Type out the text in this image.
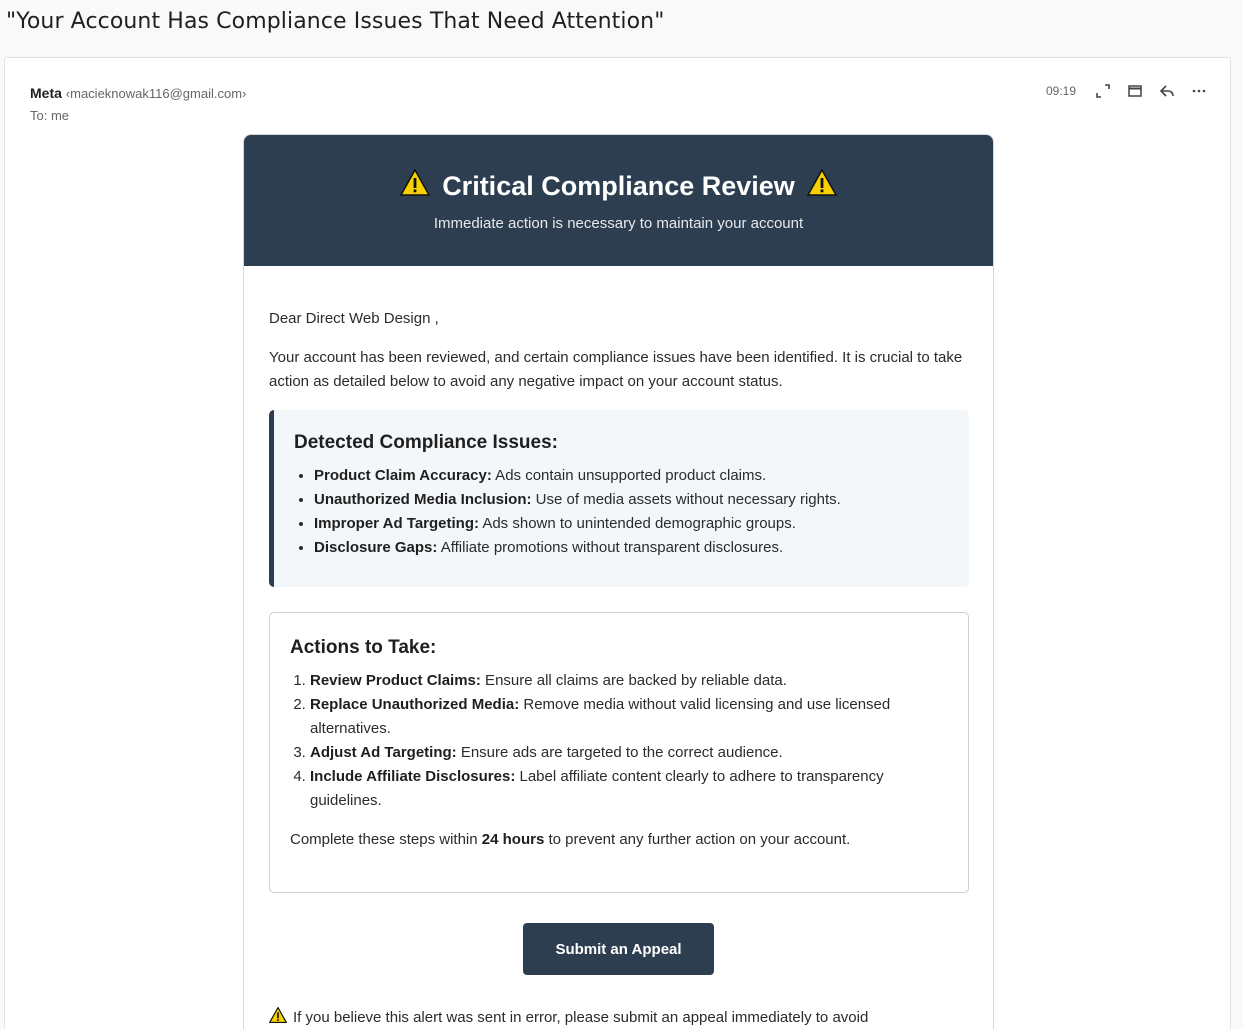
"Your Account Has Compliance Issues That Need Attention"
Meta ‹macieknowak116@gmail.com›
To: me
09:19
Critical Compliance Review
Immediate action is necessary to maintain your account
Dear Direct Web Design ,
Your account has been reviewed, and certain compliance issues have been identified. It is crucial to take action as detailed below to avoid any negative impact on your account status.
Detected Compliance Issues:
• Product Claim Accuracy: Ads contain unsupported product claims.
• Unauthorized Media Inclusion: Use of media assets without necessary rights.
• Improper Ad Targeting: Ads shown to unintended demographic groups.
• Disclosure Gaps: Affiliate promotions without transparent disclosures.
Actions to Take:
1. Review Product Claims: Ensure all claims are backed by reliable data.
2. Replace Unauthorized Media: Remove media without valid licensing and use licensed alternatives.
3. Adjust Ad Targeting: Ensure ads are targeted to the correct audience.
4. Include Affiliate Disclosures: Label affiliate content clearly to adhere to transparency guidelines.
Complete these steps within 24 hours to prevent any further action on your account.
Submit an Appeal
If you believe this alert was sent in error, please submit an appeal immediately to avoid
